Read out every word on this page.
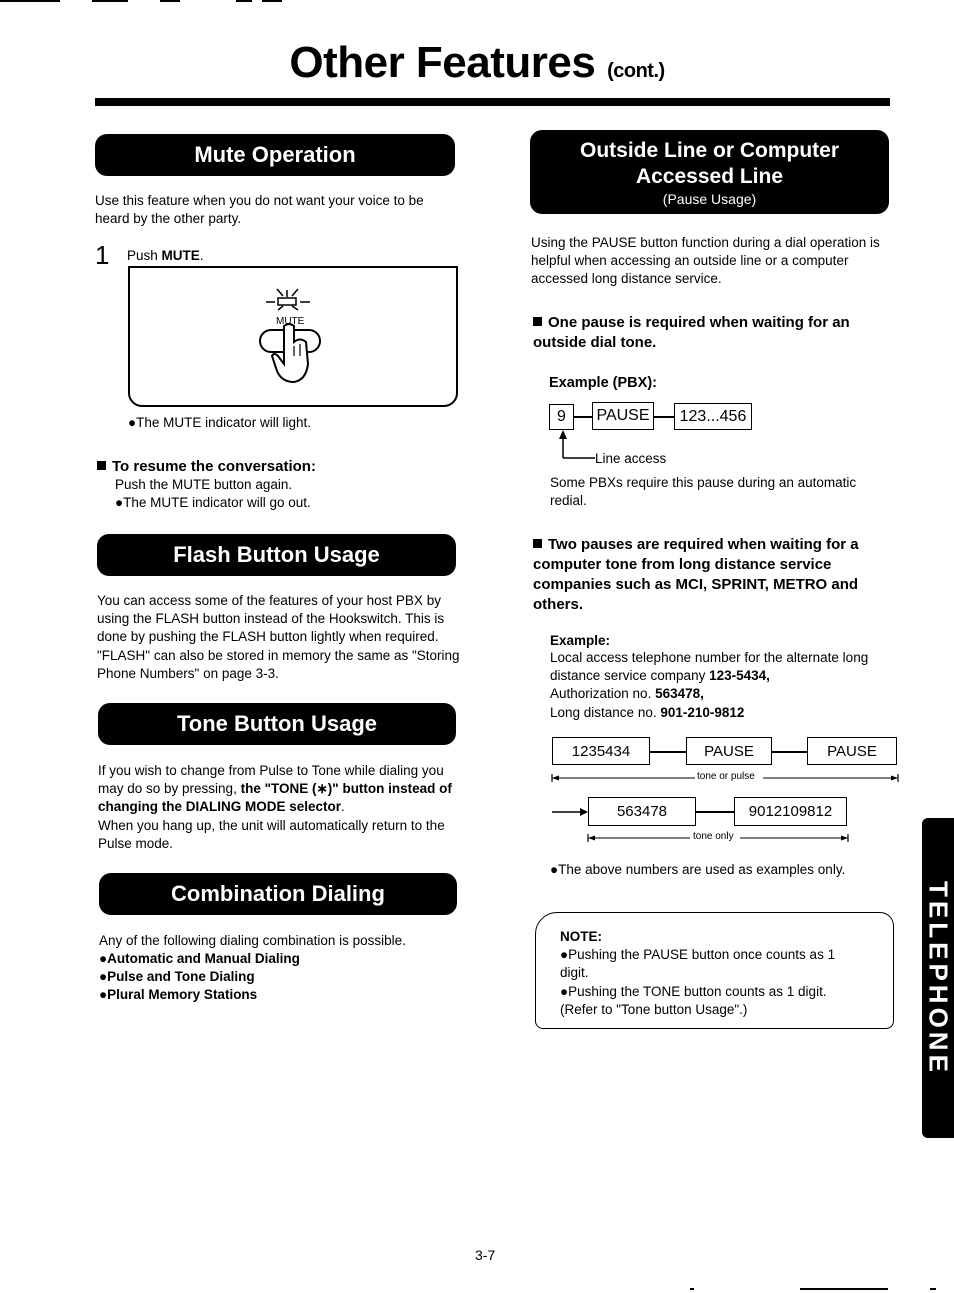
Other Features (cont.)
Mute Operation
Use this feature when you do not want your voice to be heard by the other party.
1 Push MUTE.
MUTE
●The MUTE indicator will light.
To resume the conversation:
Push the MUTE button again.
●The MUTE indicator will go out.
Flash Button Usage
You can access some of the features of your host PBX by using the FLASH button instead of the Hookswitch. This is done by pushing the FLASH button lightly when required. "FLASH" can also be stored in memory the same as "Storing Phone Numbers" on page 3-3.
Tone Button Usage
If you wish to change from Pulse to Tone while dialing you may do so by pressing, the "TONE (∗)" button instead of changing the DIALING MODE selector.
When you hang up, the unit will automatically return to the Pulse mode.
Combination Dialing
Any of the following dialing combination is possible.
●Automatic and Manual Dialing
●Pulse and Tone Dialing
●Plural Memory Stations
Outside Line or Computer
Accessed Line
(Pause Usage)
Using the PAUSE button function during a dial operation is helpful when accessing an outside line or a computer accessed long distance service.
One pause is required when waiting for an outside dial tone.
Example (PBX):
9	PAUSE	123...456
Line access
Some PBXs require this pause during an automatic redial.
Two pauses are required when waiting for a computer tone from long distance service companies such as MCI, SPRINT, METRO and others.
Example:
Local access telephone number for the alternate long distance service company 123-5434,
Authorization no. 563478,
Long distance no. 901-210-9812
1235434	PAUSE	PAUSE
tone or pulse
563478	9012109812
tone only
●The above numbers are used as examples only.
NOTE:
●Pushing the PAUSE button once counts as 1 digit.
●Pushing the TONE button counts as 1 digit. (Refer to "Tone button Usage".)	TELEPHONE
3-7
